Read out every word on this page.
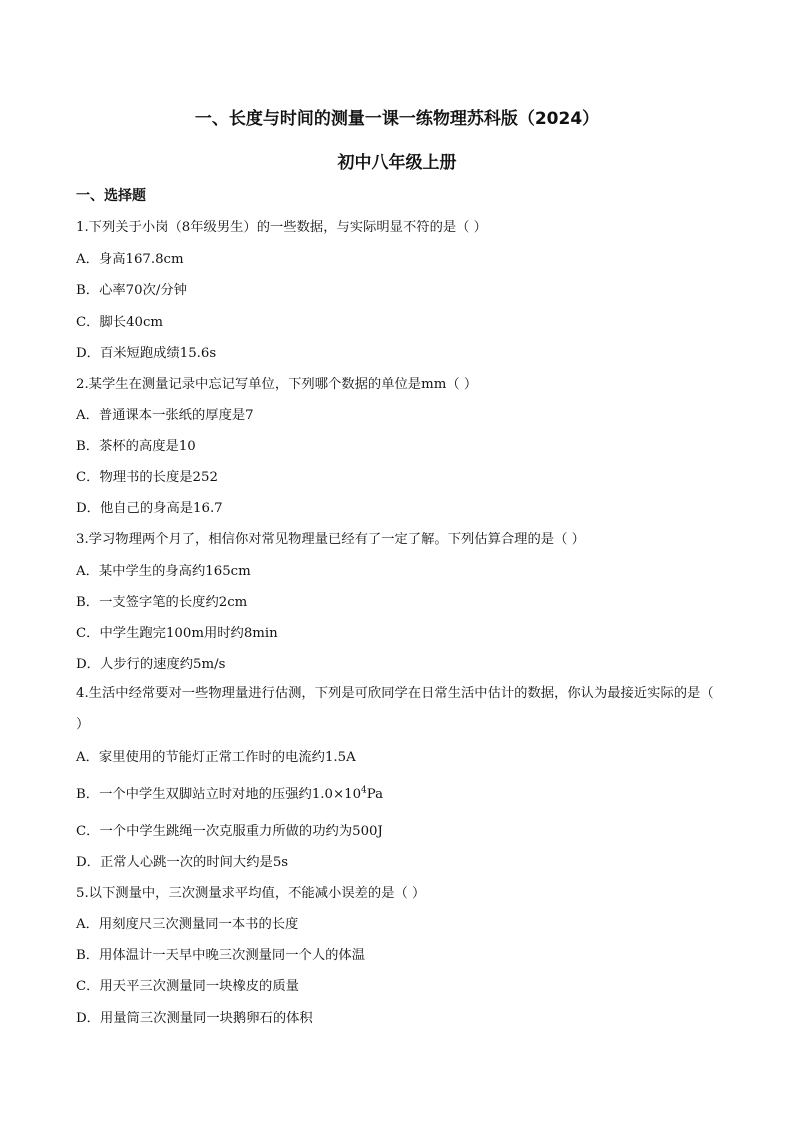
一、长度与时间的测量一课一练物理苏科版（2024）
初中八年级上册
一、选择题
1.下列关于小岗（8年级男生）的一些数据，与实际明显不符的是（ ）
A．身高167.8cm
B．心率70次/分钟
C．脚长40cm
D．百米短跑成绩15.6s
2.某学生在测量记录中忘记写单位，下列哪个数据的单位是mm（ ）
A．普通课本一张纸的厚度是7
B．茶杯的高度是10
C．物理书的长度是252
D．他自己的身高是16.7
3.学习物理两个月了，相信你对常见物理量已经有了一定了解。下列估算合理的是（ ）
A．某中学生的身高约165cm
B．一支签字笔的长度约2cm
C．中学生跑完100m用时约8min
D．人步行的速度约5m/s
4.生活中经常要对一些物理量进行估测，下列是可欣同学在日常生活中估计的数据，你认为最接近实际的是（ ）
A．家里使用的节能灯正常工作时的电流约1.5A
B．一个中学生双脚站立时对地的压强约$1.0\times 10^4Pa$
C．一个中学生跳绳一次克服重力所做的功约为500J
D．正常人心跳一次的时间大约是5s
5.以下测量中，三次测量求平均值，不能减小误差的是（ ）
A．用刻度尺三次测量同一本书的长度
B．用体温计一天早中晚三次测量同一个人的体温
C．用天平三次测量同一块橡皮的质量
D．用量筒三次测量同一块鹅卵石的体积
